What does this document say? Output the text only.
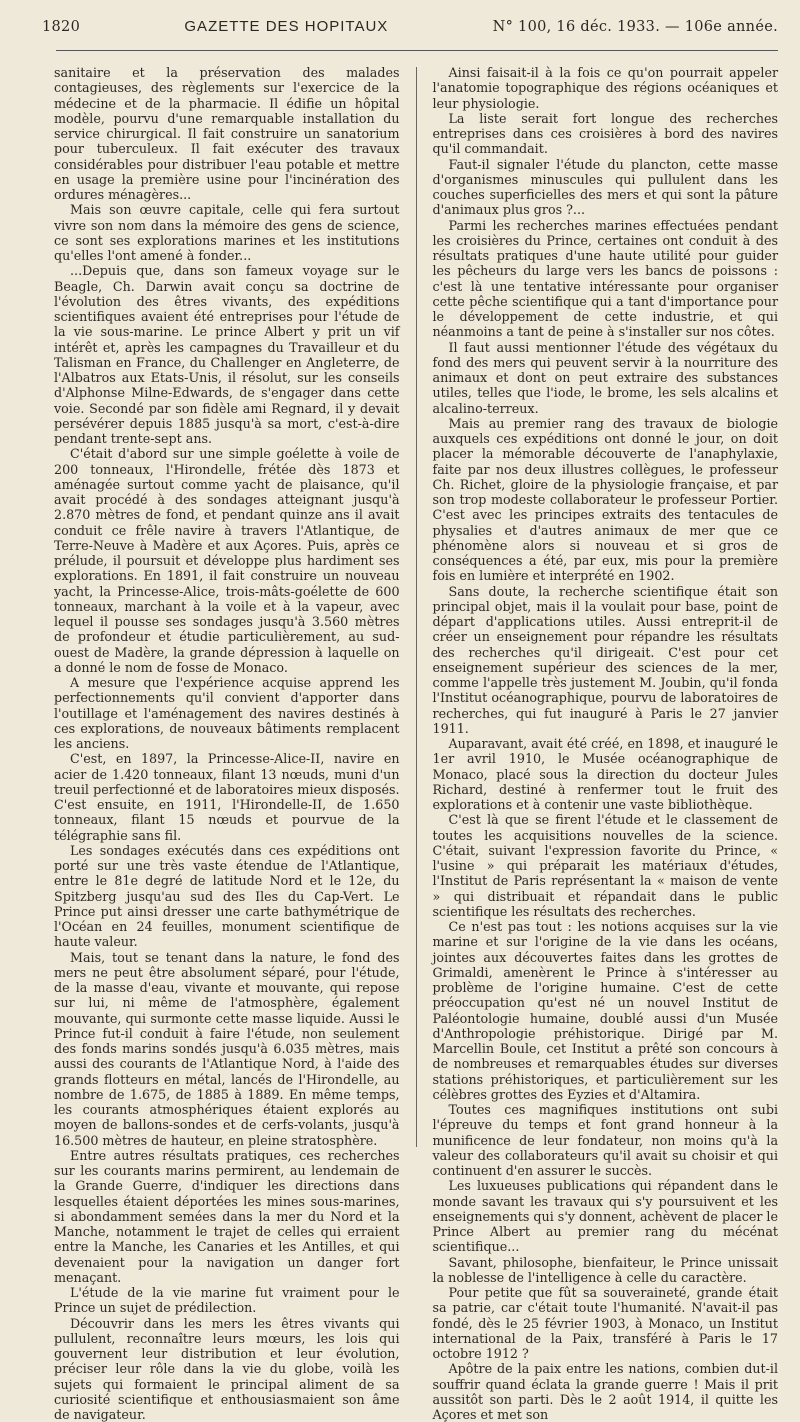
1820	GAZETTE DES HOPITAUX	N° 100, 16 déc. 1933. — 106e année.

sanitaire et la préservation des malades contagieuses, des règlements sur l'exercice de la médecine et de la pharmacie. Il édifie un hôpital modèle, pourvu d'une remarquable installation du service chirurgical. Il fait construire un sanatorium pour tuberculeux. Il fait exécuter des travaux considérables pour distribuer l'eau potable et mettre en usage la première usine pour l'incinération des ordures ménagères...

Mais son œuvre capitale, celle qui fera surtout vivre son nom dans la mémoire des gens de science, ce sont ses explorations marines et les institutions qu'elles l'ont amené à fonder...

...Depuis que, dans son fameux voyage sur le Beagle, Ch. Darwin avait conçu sa doctrine de l'évolution des êtres vivants, des expéditions scientifiques avaient été entreprises pour l'étude de la vie sous-marine. Le prince Albert y prit un vif intérêt et, après les campagnes du Travailleur et du Talisman en France, du Challenger en Angleterre, de l'Albatros aux Etats-Unis, il résolut, sur les conseils d'Alphonse Milne-Edwards, de s'engager dans cette voie. Secondé par son fidèle ami Regnard, il y devait persévérer depuis 1885 jusqu'à sa mort, c'est-à-dire pendant trente-sept ans.

C'était d'abord sur une simple goélette à voile de 200 tonneaux, l'Hirondelle, frétée dès 1873 et aménagée surtout comme yacht de plaisance, qu'il avait procédé à des sondages atteignant jusqu'à 2.870 mètres de fond, et pendant quinze ans il avait conduit ce frêle navire à travers l'Atlantique, de Terre-Neuve à Madère et aux Açores. Puis, après ce prélude, il poursuit et développe plus hardiment ses explorations. En 1891, il fait construire un nouveau yacht, la Princesse-Alice, trois-mâts-goélette de 600 tonneaux, marchant à la voile et à la vapeur, avec lequel il pousse ses sondages jusqu'à 3.560 mètres de profondeur et étudie particulièrement, au sud-ouest de Madère, la grande dépression à laquelle on a donné le nom de fosse de Monaco.

A mesure que l'expérience acquise apprend les perfectionnements qu'il convient d'apporter dans l'outillage et l'aménagement des navires destinés à ces explorations, de nouveaux bâtiments remplacent les anciens.

C'est, en 1897, la Princesse-Alice-II, navire en acier de 1.420 tonneaux, filant 13 nœuds, muni d'un treuil perfectionné et de laboratoires mieux disposés. C'est ensuite, en 1911, l'Hirondelle-II, de 1.650 tonneaux, filant 15 nœuds et pourvue de la télégraphie sans fil.

Les sondages exécutés dans ces expéditions ont porté sur une très vaste étendue de l'Atlantique, entre le 81e degré de latitude Nord et le 12e, du Spitzberg jusqu'au sud des Iles du Cap-Vert. Le Prince put ainsi dresser une carte bathymétrique de l'Océan en 24 feuilles, monument scientifique de haute valeur.

Mais, tout se tenant dans la nature, le fond des mers ne peut être absolument séparé, pour l'étude, de la masse d'eau, vivante et mouvante, qui repose sur lui, ni même de l'atmosphère, également mouvante, qui surmonte cette masse liquide. Aussi le Prince fut-il conduit à faire l'étude, non seulement des fonds marins sondés jusqu'à 6.035 mètres, mais aussi des courants de l'Atlantique Nord, à l'aide des grands flotteurs en métal, lancés de l'Hirondelle, au nombre de 1.675, de 1885 à 1889. En même temps, les courants atmosphériques étaient explorés au moyen de ballons-sondes et de cerfs-volants, jusqu'à 16.500 mètres de hauteur, en pleine stratosphère.

Entre autres résultats pratiques, ces recherches sur les courants marins permirent, au lendemain de la Grande Guerre, d'indiquer les directions dans lesquelles étaient déportées les mines sous-marines, si abondamment semées dans la mer du Nord et la Manche, notamment le trajet de celles qui erraient entre la Manche, les Canaries et les Antilles, et qui devenaient pour la navigation un danger fort menaçant.

L'étude de la vie marine fut vraiment pour le Prince un sujet de prédilection.

Découvrir dans les mers les êtres vivants qui pullulent, reconnaître leurs mœurs, les lois qui gouvernent leur distribution et leur évolution, préciser leur rôle dans la vie du globe, voilà les sujets qui formaient le principal aliment de sa curiosité scientifique et enthousiasmaient son âme de navigateur.

Ainsi faisait-il à la fois ce qu'on pourrait appeler l'anatomie topographique des régions océaniques et leur physiologie.

La liste serait fort longue des recherches entreprises dans ces croisières à bord des navires qu'il commandait.

Faut-il signaler l'étude du plancton, cette masse d'organismes minuscules qui pullulent dans les couches superficielles des mers et qui sont la pâture d'animaux plus gros ?...

Parmi les recherches marines effectuées pendant les croisières du Prince, certaines ont conduit à des résultats pratiques d'une haute utilité pour guider les pêcheurs du large vers les bancs de poissons : c'est là une tentative intéressante pour organiser cette pêche scientifique qui a tant d'importance pour le développement de cette industrie, et qui néanmoins a tant de peine à s'installer sur nos côtes.

Il faut aussi mentionner l'étude des végétaux du fond des mers qui peuvent servir à la nourriture des animaux et dont on peut extraire des substances utiles, telles que l'iode, le brome, les sels alcalins et alcalino-terreux.

Mais au premier rang des travaux de biologie auxquels ces expéditions ont donné le jour, on doit placer la mémorable découverte de l'anaphylaxie, faite par nos deux illustres collègues, le professeur Ch. Richet, gloire de la physiologie française, et par son trop modeste collaborateur le professeur Portier. C'est avec les principes extraits des tentacules de physalies et d'autres animaux de mer que ce phénomène alors si nouveau et si gros de conséquences a été, par eux, mis pour la première fois en lumière et interprété en 1902.

Sans doute, la recherche scientifique était son principal objet, mais il la voulait pour base, point de départ d'applications utiles. Aussi entreprit-il de créer un enseignement pour répandre les résultats des recherches qu'il dirigeait. C'est pour cet enseignement supérieur des sciences de la mer, comme l'appelle très justement M. Joubin, qu'il fonda l'Institut océanographique, pourvu de laboratoires de recherches, qui fut inauguré à Paris le 27 janvier 1911.

Auparavant, avait été créé, en 1898, et inauguré le 1er avril 1910, le Musée océanographique de Monaco, placé sous la direction du docteur Jules Richard, destiné à renfermer tout le fruit des explorations et à contenir une vaste bibliothèque.

C'est là que se firent l'étude et le classement de toutes les acquisitions nouvelles de la science. C'était, suivant l'expression favorite du Prince, « l'usine » qui préparait les matériaux d'études, l'Institut de Paris représentant la « maison de vente » qui distribuait et répandait dans le public scientifique les résultats des recherches.

Ce n'est pas tout : les notions acquises sur la vie marine et sur l'origine de la vie dans les océans, jointes aux découvertes faites dans les grottes de Grimaldi, amenèrent le Prince à s'intéresser au problème de l'origine humaine. C'est de cette préoccupation qu'est né un nouvel Institut de Paléontologie humaine, doublé aussi d'un Musée d'Anthropologie préhistorique. Dirigé par M. Marcellin Boule, cet Institut a prêté son concours à de nombreuses et remarquables études sur diverses stations préhistoriques, et particulièrement sur les célèbres grottes des Eyzies et d'Altamira.

Toutes ces magnifiques institutions ont subi l'épreuve du temps et font grand honneur à la munificence de leur fondateur, non moins qu'à la valeur des collaborateurs qu'il avait su choisir et qui continuent d'en assurer le succès.

Les luxueuses publications qui répandent dans le monde savant les travaux qui s'y poursuivent et les enseignements qui s'y donnent, achèvent de placer le Prince Albert au premier rang du mécénat scientifique...

Savant, philosophe, bienfaiteur, le Prince unissait la noblesse de l'intelligence à celle du caractère.

Pour petite que fût sa souveraineté, grande était sa patrie, car c'était toute l'humanité. N'avait-il pas fondé, dès le 25 février 1903, à Monaco, un Institut international de la Paix, transféré à Paris le 17 octobre 1912 ?

Apôtre de la paix entre les nations, combien dut-il souffrir quand éclata la grande guerre ! Mais il prit aussitôt son parti. Dès le 2 août 1914, il quitte les Açores et met son
